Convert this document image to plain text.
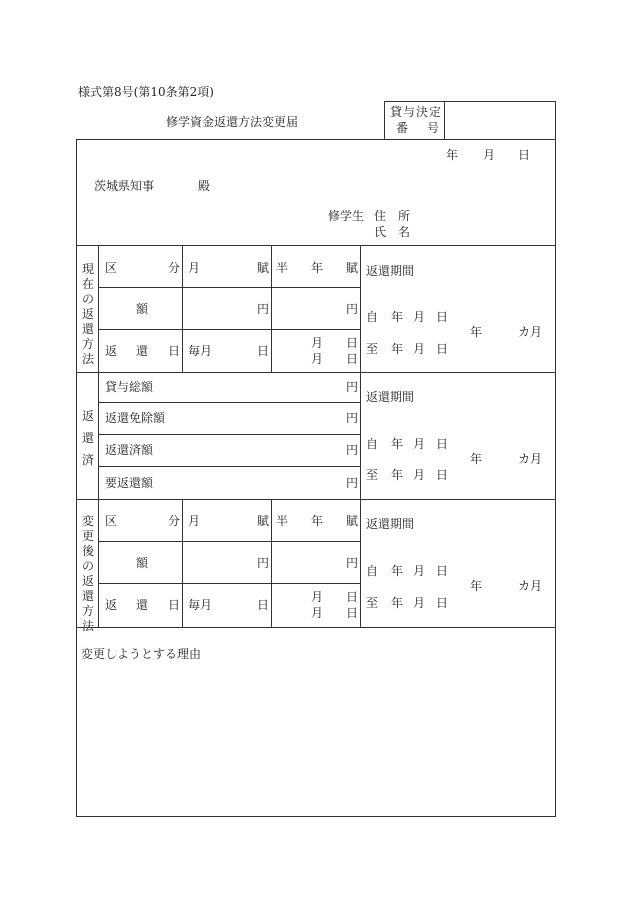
様式第8号(第10条第2項)
修学資金返還方法変更届
貸与決定
番 号
年 月 日
茨城県知事	殿
修学生 住　所
氏　名
現在の返還方法
区	分 月	賦 半 年 賦
額	円	円
返 還 日 毎月	日
月 日
月 日
返還期間
自 年 月 日
至 年 月 日
年	カ月
返
還
済
貸与総額	円
返還免除額	円
返還済額	円
要返還額	円
返還期間
自 年 月 日
至 年 月 日
年	カ月
変更後の返還方法
区	分 月	賦 半 年 賦
額	円	円
返 還 日 毎月	日
月 日
月 日
返還期間
自 年 月 日
至 年 月 日
年	カ月
変更しようとする理由
